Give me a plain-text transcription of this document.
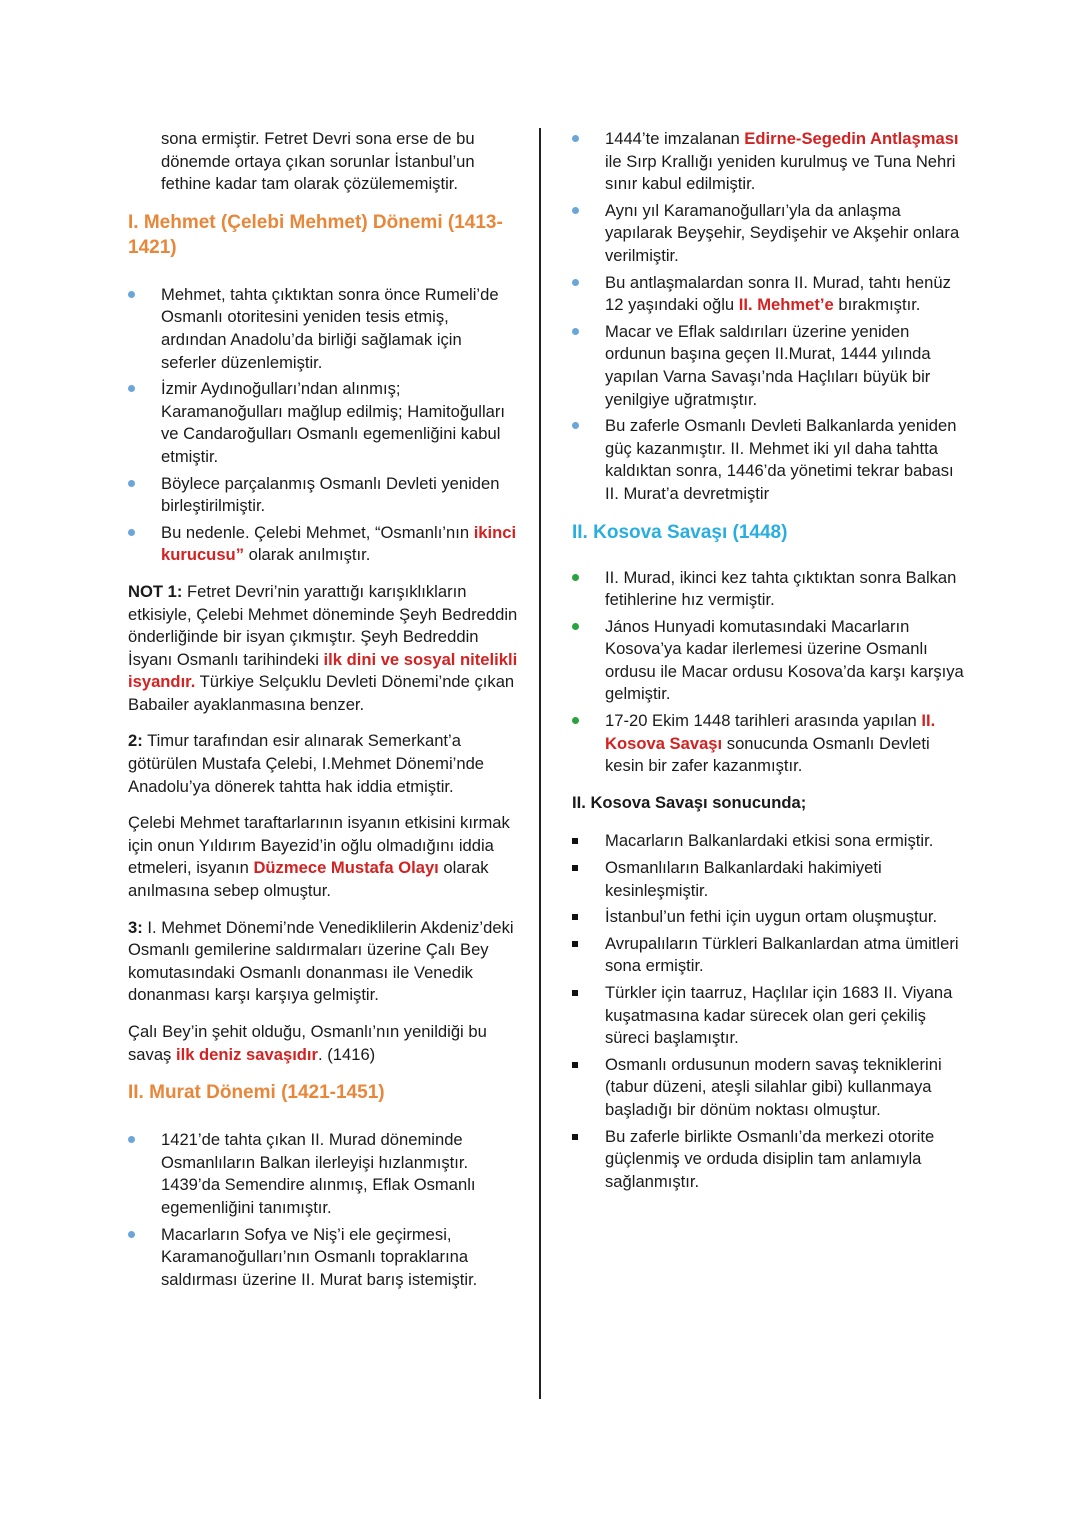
sona ermiştir. Fetret Devri sona erse de bu dönemde ortaya çıkan sorunlar İstanbul’un fethine kadar tam olarak çözülememiştir.

I. Mehmet (Çelebi Mehmet) Dönemi (1413-1421)
Mehmet, tahta çıktıktan sonra önce Rumeli’de Osmanlı otoritesini yeniden tesis etmiş, ardından Anadolu’da birliği sağlamak için seferler düzenlemiştir.
İzmir Aydınoğulları’ndan alınmış; Karamanoğulları mağlup edilmiş; Hamitoğulları ve Candaroğulları Osmanlı egemenliğini kabul etmiştir.
Böylece parçalanmış Osmanlı Devleti yeniden birleştirilmiştir.
Bu nedenle. Çelebi Mehmet, “Osmanlı’nın ikinci kurucusu” olarak anılmıştır.

NOT 1: Fetret Devri’nin yarattığı karışıklıkların etkisiyle, Çelebi Mehmet döneminde Şeyh Bedreddin önderliğinde bir isyan çıkmıştır. Şeyh Bedreddin İsyanı Osmanlı tarihindeki ilk dini ve sosyal nitelikli isyandır. Türkiye Selçuklu Devleti Dönemi’nde çıkan Babailer ayaklanmasına benzer.

2: Timur tarafından esir alınarak Semerkant’a götürülen Mustafa Çelebi, I.Mehmet Dönemi’nde Anadolu’ya dönerek tahtta hak iddia etmiştir.

Çelebi Mehmet taraftarlarının isyanın etkisini kırmak için onun Yıldırım Bayezid’in oğlu olmadığını iddia etmeleri, isyanın Düzmece Mustafa Olayı olarak anılmasına sebep olmuştur.

3: I. Mehmet Dönemi’nde Venediklilerin Akdeniz’deki Osmanlı gemilerine saldırmaları üzerine Çalı Bey komutasındaki Osmanlı donanması ile Venedik donanması karşı karşıya gelmiştir.

Çalı Bey’in şehit olduğu, Osmanlı’nın yenildiği bu savaş ilk deniz savaşıdır. (1416)

II. Murat Dönemi (1421-1451)
1421’de tahta çıkan II. Murad döneminde Osmanlıların Balkan ilerleyişi hızlanmıştır. 1439’da Semendire alınmış, Eflak Osmanlı egemenliğini tanımıştır.
Macarların Sofya ve Niş’i ele geçirmesi, Karamanoğulları’nın Osmanlı topraklarına saldırması üzerine II. Murat barış istemiştir.
1444’te imzalanan Edirne-Segedin Antlaşması ile Sırp Krallığı yeniden kurulmuş ve Tuna Nehri sınır kabul edilmiştir.
Aynı yıl Karamanoğulları’yla da anlaşma yapılarak Beyşehir, Seydişehir ve Akşehir onlara verilmiştir.
Bu antlaşmalardan sonra II. Murad, tahtı henüz 12 yaşındaki oğlu II. Mehmet’e bırakmıştır.
Macar ve Eflak saldırıları üzerine yeniden ordunun başına geçen II.Murat, 1444 yılında yapılan Varna Savaşı’nda Haçlıları büyük bir yenilgiye uğratmıştır.
Bu zaferle Osmanlı Devleti Balkanlarda yeniden güç kazanmıştır. II. Mehmet iki yıl daha tahtta kaldıktan sonra, 1446’da yönetimi tekrar babası II. Murat’a devretmiştir
II. Kosova Savaşı (1448)
II. Murad, ikinci kez tahta çıktıktan sonra Balkan fetihlerine hız vermiştir.
János Hunyadi komutasındaki Macarların Kosova’ya kadar ilerlemesi üzerine Osmanlı ordusu ile Macar ordusu Kosova’da karşı karşıya gelmiştir.
17-20 Ekim 1448 tarihleri arasında yapılan II. Kosova Savaşı sonucunda Osmanlı Devleti kesin bir zafer kazanmıştır.
II. Kosova Savaşı sonucunda;
Macarların Balkanlardaki etkisi sona ermiştir.
Osmanlıların Balkanlardaki hakimiyeti kesinleşmiştir.
İstanbul’un fethi için uygun ortam oluşmuştur.
Avrupalıların Türkleri Balkanlardan atma ümitleri sona ermiştir.
Türkler için taarruz, Haçlılar için 1683 II. Viyana kuşatmasına kadar sürecek olan geri çekiliş süreci başlamıştır.
Osmanlı ordusunun modern savaş tekniklerini (tabur düzeni, ateşli silahlar gibi) kullanmaya başladığı bir dönüm noktası olmuştur.
Bu zaferle birlikte Osmanlı’da merkezi otorite güçlenmiş ve orduda disiplin tam anlamıyla sağlanmıştır.
